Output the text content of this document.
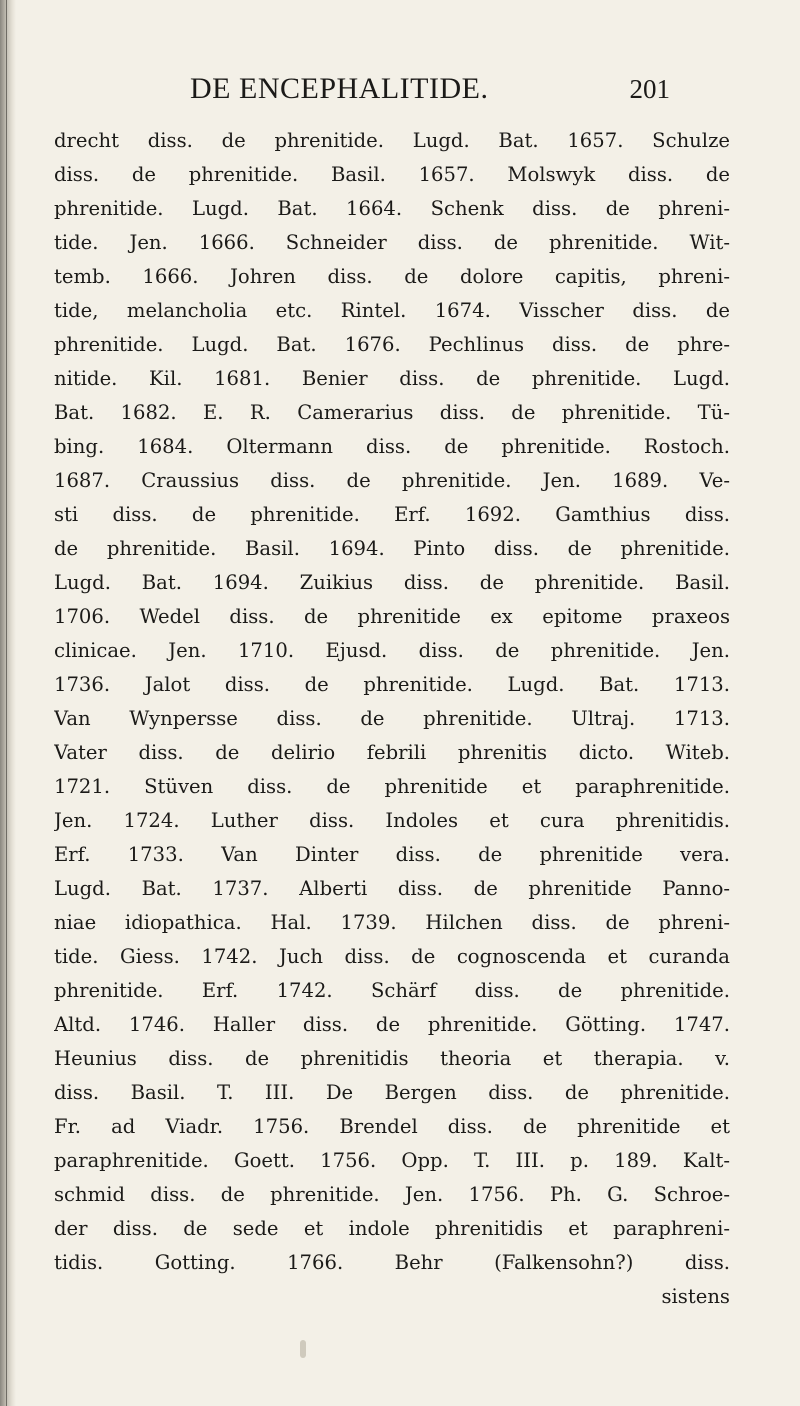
DE ENCEPHALITIDE.	201
drecht diss. de phrenitide. Lugd. Bat. 1657. Schulze
diss. de phrenitide. Basil. 1657. Molswyk diss. de
phrenitide. Lugd. Bat. 1664. Schenk diss. de phreni-
tide. Jen. 1666. Schneider diss. de phrenitide. Wit-
temb. 1666. Johren diss. de dolore capitis, phreni-
tide, melancholia etc. Rintel. 1674. Visscher diss. de
phrenitide. Lugd. Bat. 1676. Pechlinus diss. de phre-
nitide. Kil. 1681. Benier diss. de phrenitide. Lugd.
Bat. 1682. E. R. Camerarius diss. de phrenitide. Tü-
bing. 1684. Oltermann diss. de phrenitide. Rostoch.
1687. Craussius diss. de phrenitide. Jen. 1689. Ve-
sti diss. de phrenitide. Erf. 1692. Gamthius diss.
de phrenitide. Basil. 1694. Pinto diss. de phrenitide.
Lugd. Bat. 1694. Zuikius diss. de phrenitide. Basil.
1706. Wedel diss. de phrenitide ex epitome praxeos
clinicae. Jen. 1710. Ejusd. diss. de phrenitide. Jen.
1736. Jalot diss. de phrenitide. Lugd. Bat. 1713.
Van Wynpersse diss. de phrenitide. Ultraj. 1713.
Vater diss. de delirio febrili phrenitis dicto. Witeb.
1721. Stüven diss. de phrenitide et paraphrenitide.
Jen. 1724. Luther diss. Indoles et cura phrenitidis.
Erf. 1733. Van Dinter diss. de phrenitide vera.
Lugd. Bat. 1737. Alberti diss. de phrenitide Panno-
niae idiopathica. Hal. 1739. Hilchen diss. de phreni-
tide. Giess. 1742. Juch diss. de cognoscenda et curanda
phrenitide. Erf. 1742. Schärf diss. de phrenitide.
Altd. 1746. Haller diss. de phrenitide. Götting. 1747.
Heunius diss. de phrenitidis theoria et therapia. v.
diss. Basil. T. III. De Bergen diss. de phrenitide.
Fr. ad Viadr. 1756. Brendel diss. de phrenitide et
paraphrenitide. Goett. 1756. Opp. T. III. p. 189. Kalt-
schmid diss. de phrenitide. Jen. 1756. Ph. G. Schroe-
der diss. de sede et indole phrenitidis et paraphreni-
tidis. Gotting. 1766. Behr (Falkensohn?) diss.
sistens
